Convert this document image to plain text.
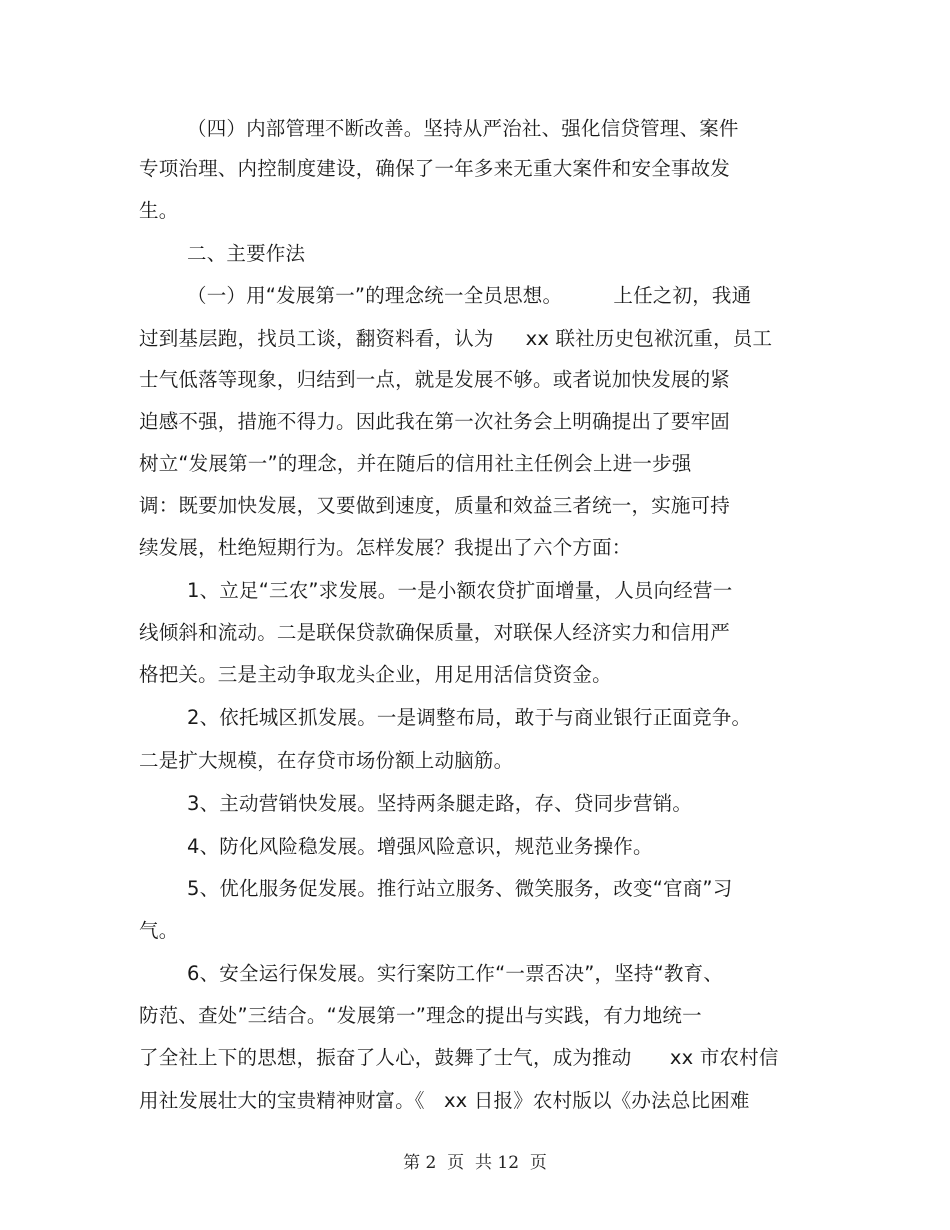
（四）内部管理不断改善。坚持从严治社、强化信贷管理、案件
专项治理、内控制度建设，确保了一年多来无重大案件和安全事故发
生。
二、主要作法
（一）用“发展第一”的理念统一全员思想。        上任之初，我通
过到基层跑，找员工谈，翻资料看，认为     xx 联社历史包袱沉重，员工
士气低落等现象，归结到一点，就是发展不够。或者说加快发展的紧
迫感不强，措施不得力。因此我在第一次社务会上明确提出了要牢固
树立“发展第一”的理念，并在随后的信用社主任例会上进一步强
调：既要加快发展，又要做到速度，质量和效益三者统一，实施可持
续发展，杜绝短期行为。怎样发展？我提出了六个方面：
1、立足“三农”求发展。一是小额农贷扩面增量，人员向经营一
线倾斜和流动。二是联保贷款确保质量，对联保人经济实力和信用严
格把关。三是主动争取龙头企业，用足用活信贷资金。
2、依托城区抓发展。一是调整布局，敢于与商业银行正面竞争。
二是扩大规模，在存贷市场份额上动脑筋。
3、主动营销快发展。坚持两条腿走路，存、贷同步营销。
4、防化风险稳发展。增强风险意识，规范业务操作。
5、优化服务促发展。推行站立服务、微笑服务，改变“官商”习
气。
6、安全运行保发展。实行案防工作“一票否决”，坚持“教育、
防范、查处”三结合。“发展第一”理念的提出与实践，有力地统一
了全社上下的思想，振奋了人心，鼓舞了士气，成为推动      xx 市农村信
用社发展壮大的宝贵精神财富。《   xx 日报》农村版以《办法总比困难
第 2  页  共 12  页
